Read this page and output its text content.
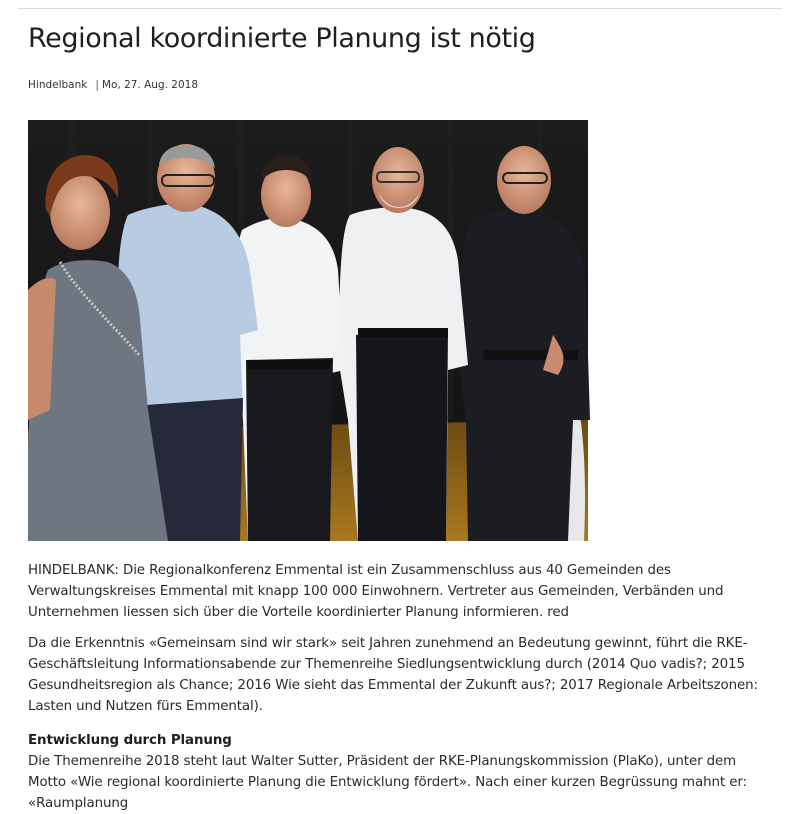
Regional koordinierte Planung ist nötig
Hindelbank | Mo, 27. Aug. 2018

HINDELBANK: Die Regionalkonferenz Emmental ist ein Zusammenschluss aus 40 Gemeinden des Verwaltungskreises Emmental mit knapp 100 000 Einwohnern. Vertreter aus Gemeinden, Verbänden und Unternehmen liessen sich über die Vorteile koordinierter Planung informieren. red

Da die Erkenntnis «Gemeinsam sind wir stark» seit Jahren zunehmend an Bedeutung gewinnt, führt die RKE-Geschäftsleitung Informationsabende zur Themenreihe Siedlungsentwicklung durch (2014 Quo vadis?; 2015 Gesundheitsregion als Chance; 2016 Wie sieht das Emmental der Zukunft aus?; 2017 Regionale Arbeitszonen: Lasten und Nutzen fürs Emmental).

Entwicklung durch Planung

Die Themenreihe 2018 steht laut Walter Sutter, Präsident der RKE-Planungskommission (PlaKo), unter dem Motto «Wie regional koordinierte Planung die Entwicklung fördert». Nach einer kurzen Begrüssung mahnt er: «Raumplanung
